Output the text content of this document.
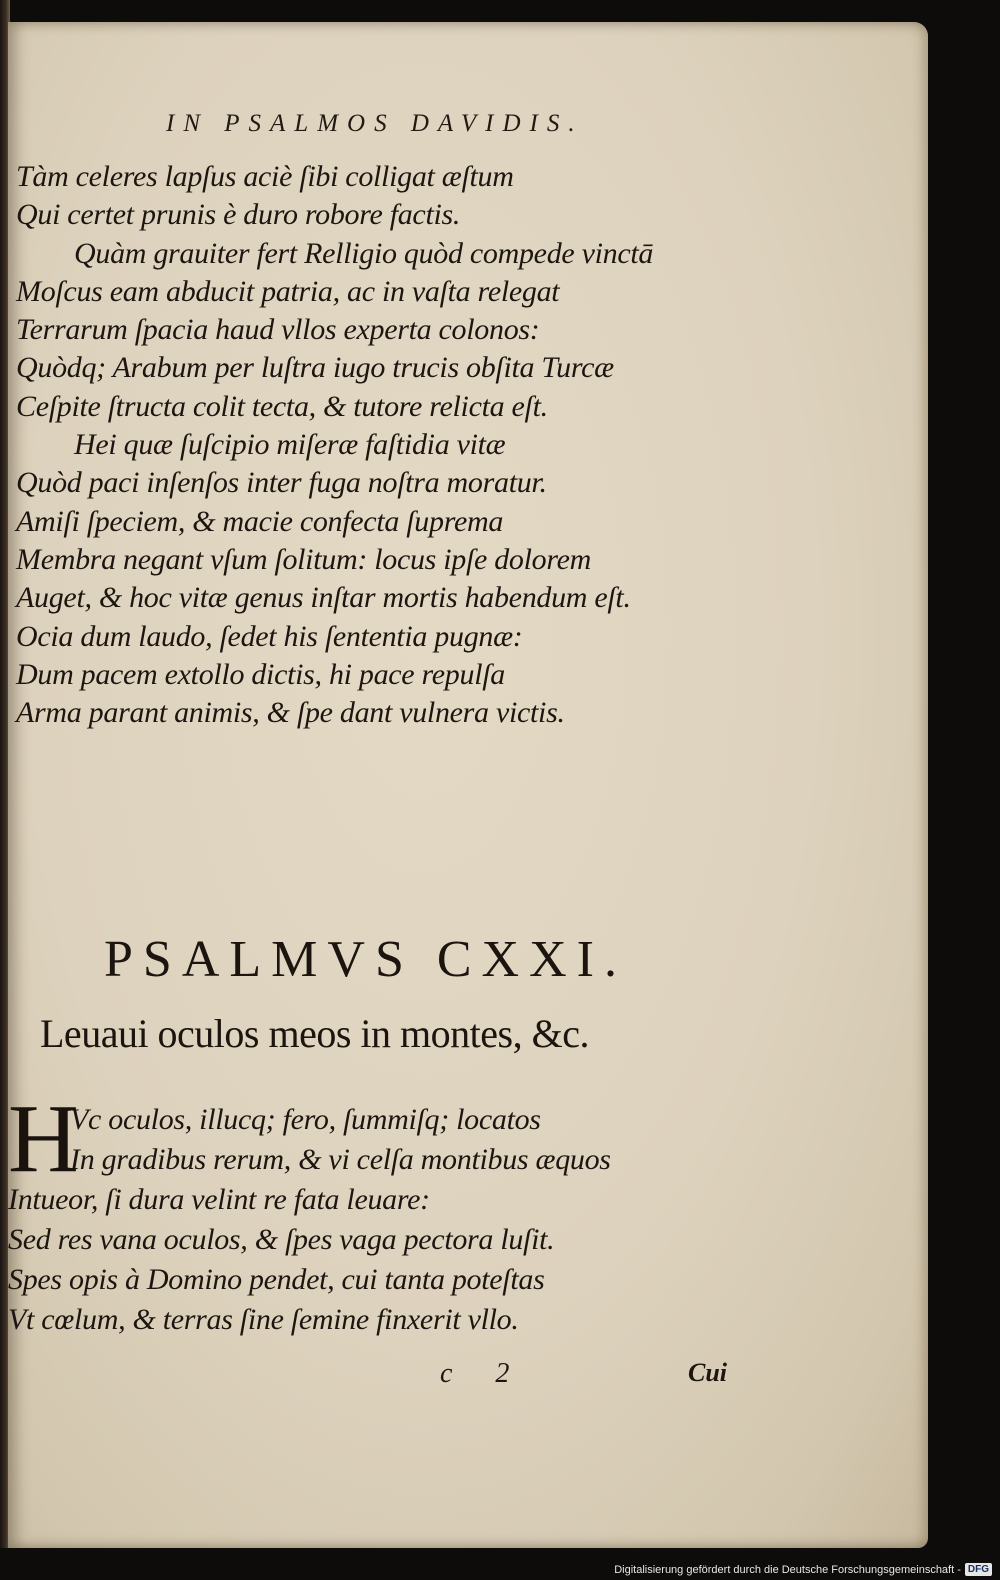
IN PSALMOS DAVIDIS.
Tàm celeres lapſus aciè ſibi colligat æſtum
Qui certet prunis è duro robore factis.
Quàm grauiter fert Relligio quòd compede vinctā
Moſcus eam abducit patria, ac in vaſta relegat
Terrarum ſpacia haud vllos experta colonos:
Quòdq; Arabum per luſtra iugo trucis obſita Turcæ
Ceſpite ſtructa colit tecta, & tutore relicta eſt.
Hei quæ ſuſcipio miſeræ faſtidia vitæ
Quòd paci inſenſos inter fuga noſtra moratur.
Amiſi ſpeciem, & macie confecta ſuprema
Membra negant vſum ſolitum: locus ipſe dolorem
Auget, & hoc vitæ genus inſtar mortis habendum eſt.
Ocia dum laudo, ſedet his ſententia pugnæ:
Dum pacem extollo dictis, hi pace repulſa
Arma parant animis, & ſpe dant vulnera victis.
PSALMVS CXXI.
Leuaui oculos meos in montes, &c.
H
Vc oculos, illucq; fero, ſummiſq; locatos
In gradibus rerum, & vi celſa montibus æquos
Intueor, ſi dura velint re fata leuare:
Sed res vana oculos, & ſpes vaga pectora luſit.
Spes opis à Domino pendet, cui tanta poteſtas
Vt cœlum, & terras ſine ſemine finxerit vllo.
c 2	Cui
Digitalisierung gefördert durch die Deutsche Forschungsgemeinschaft - DFG
